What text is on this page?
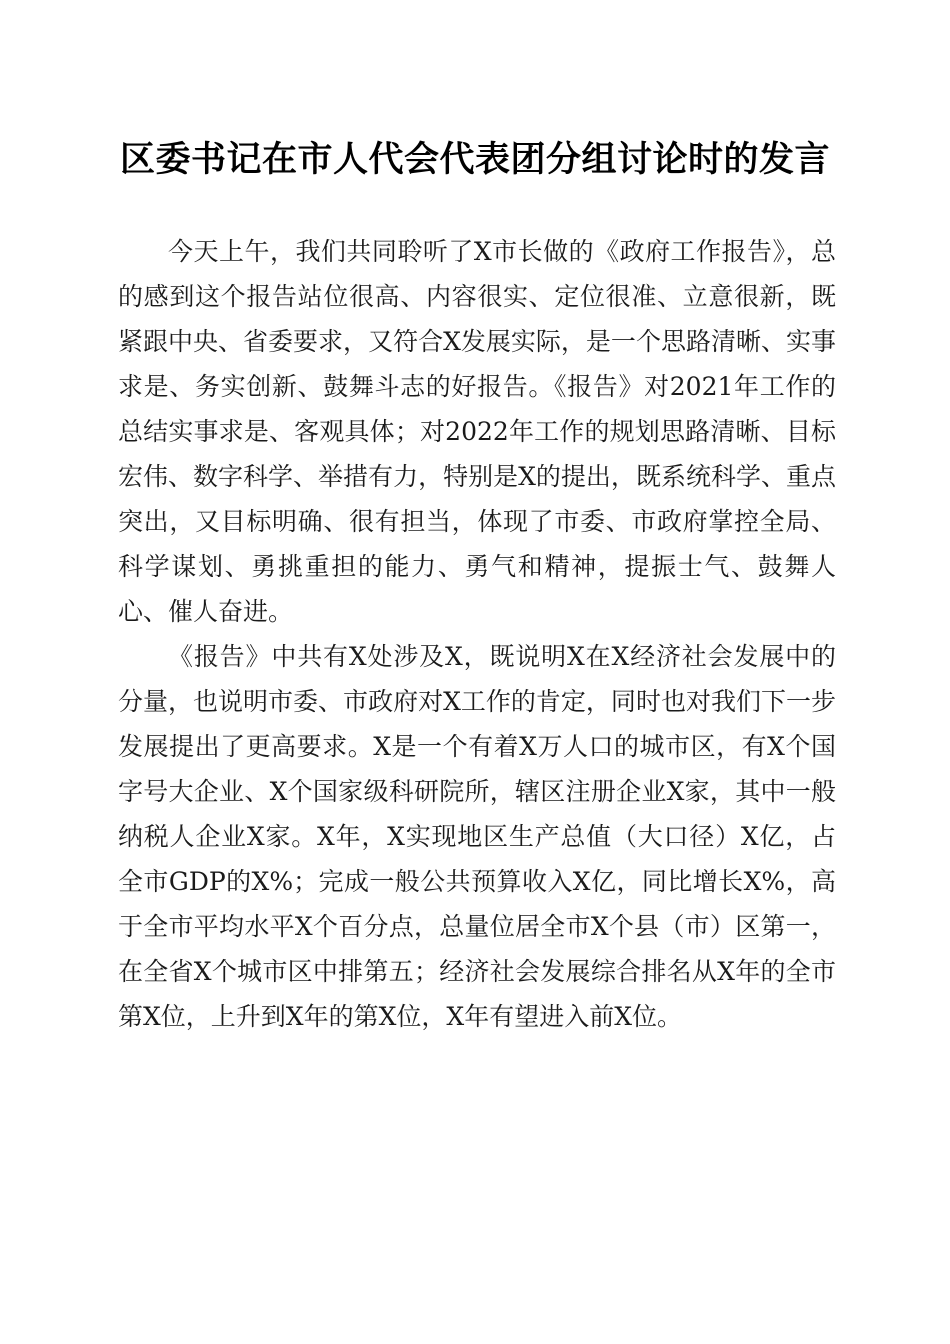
区委书记在市人代会代表团分组讨论时的发言

今天上午，我们共同聆听了X市长做的《政府工作报告》，总的感到这个报告站位很高、内容很实、定位很准、立意很新，既紧跟中央、省委要求，又符合X发展实际，是一个思路清晰、实事求是、务实创新、鼓舞斗志的好报告。《报告》对2021年工作的总结实事求是、客观具体；对2022年工作的规划思路清晰、目标宏伟、数字科学、举措有力，特别是X的提出，既系统科学、重点突出，又目标明确、很有担当，体现了市委、市政府掌控全局、科学谋划、勇挑重担的能力、勇气和精神，提振士气、鼓舞人心、催人奋进。

《报告》中共有X处涉及X，既说明X在X经济社会发展中的分量，也说明市委、市政府对X工作的肯定，同时也对我们下一步发展提出了更高要求。X是一个有着X万人口的城市区，有X个国字号大企业、X个国家级科研院所，辖区注册企业X家，其中一般纳税人企业X家。X年，X实现地区生产总值（大口径）X亿，占全市GDP的X%；完成一般公共预算收入X亿，同比增长X%，高于全市平均水平X个百分点，总量位居全市X个县（市）区第一，在全省X个城市区中排第五；经济社会发展综合排名从X年的全市第X位，上升到X年的第X位，X年有望进入前X位。
